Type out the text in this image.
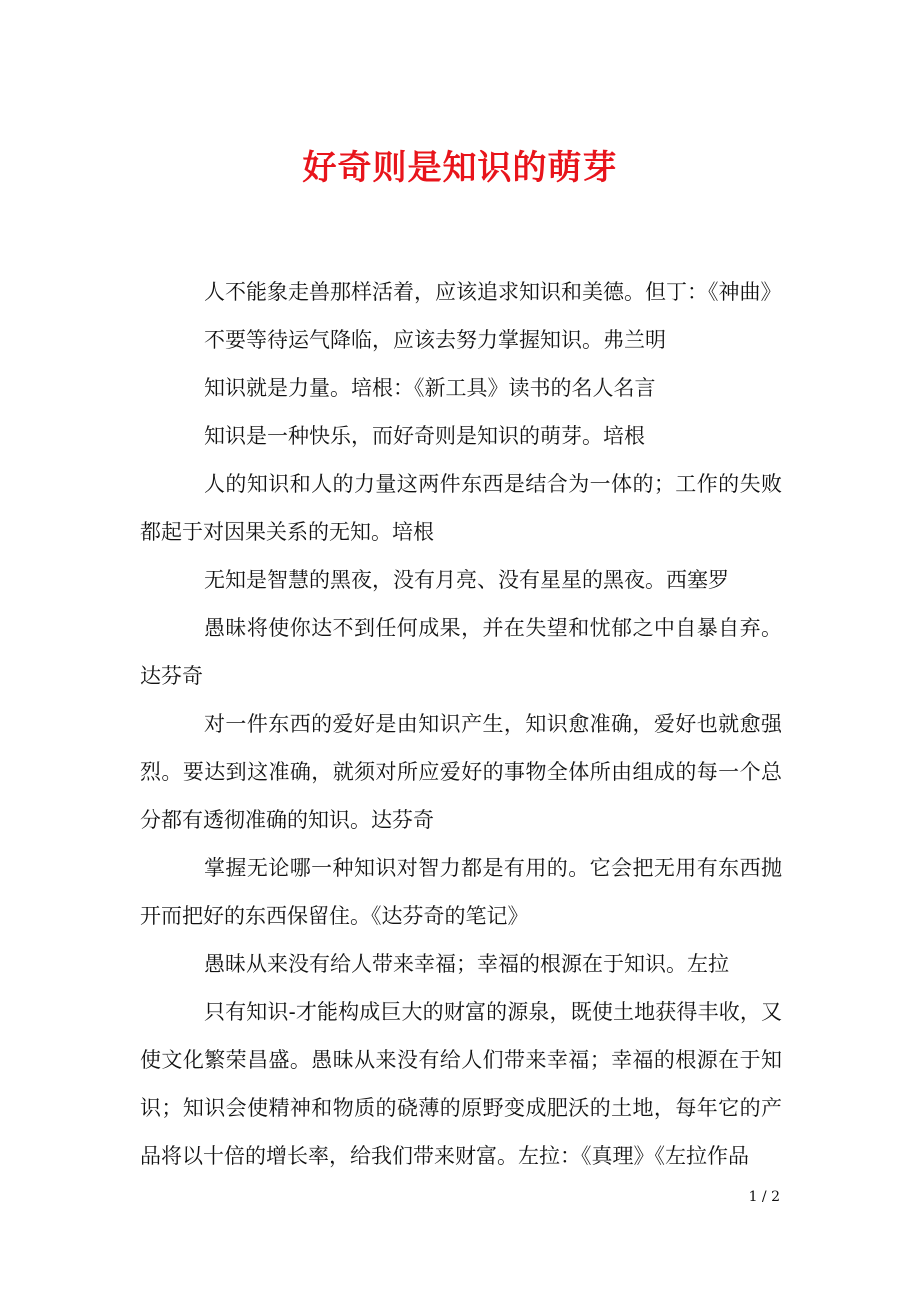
好奇则是知识的萌芽

人不能象走兽那样活着，应该追求知识和美德。但丁：《神曲》

不要等待运气降临，应该去努力掌握知识。弗兰明

知识就是力量。培根：《新工具》读书的名人名言

知识是一种快乐，而好奇则是知识的萌芽。培根

人的知识和人的力量这两件东西是结合为一体的；工作的失败都起于对因果关系的无知。培根

无知是智慧的黑夜，没有月亮、没有星星的黑夜。西塞罗

愚昧将使你达不到任何成果，并在失望和忧郁之中自暴自弃。达芬奇

对一件东西的爱好是由知识产生，知识愈准确，爱好也就愈强烈。要达到这准确，就须对所应爱好的事物全体所由组成的每一个总分都有透彻准确的知识。达芬奇

掌握无论哪一种知识对智力都是有用的。它会把无用有东西抛开而把好的东西保留住。《达芬奇的笔记》

愚昧从来没有给人带来幸福；幸福的根源在于知识。左拉

只有知识-才能构成巨大的财富的源泉，既使土地获得丰收，又使文化繁荣昌盛。愚昧从来没有给人们带来幸福；幸福的根源在于知识；知识会使精神和物质的硗薄的原野变成肥沃的土地，每年它的产品将以十倍的增长率，给我们带来财富。左拉：《真理》《左拉作品

1 / 2
